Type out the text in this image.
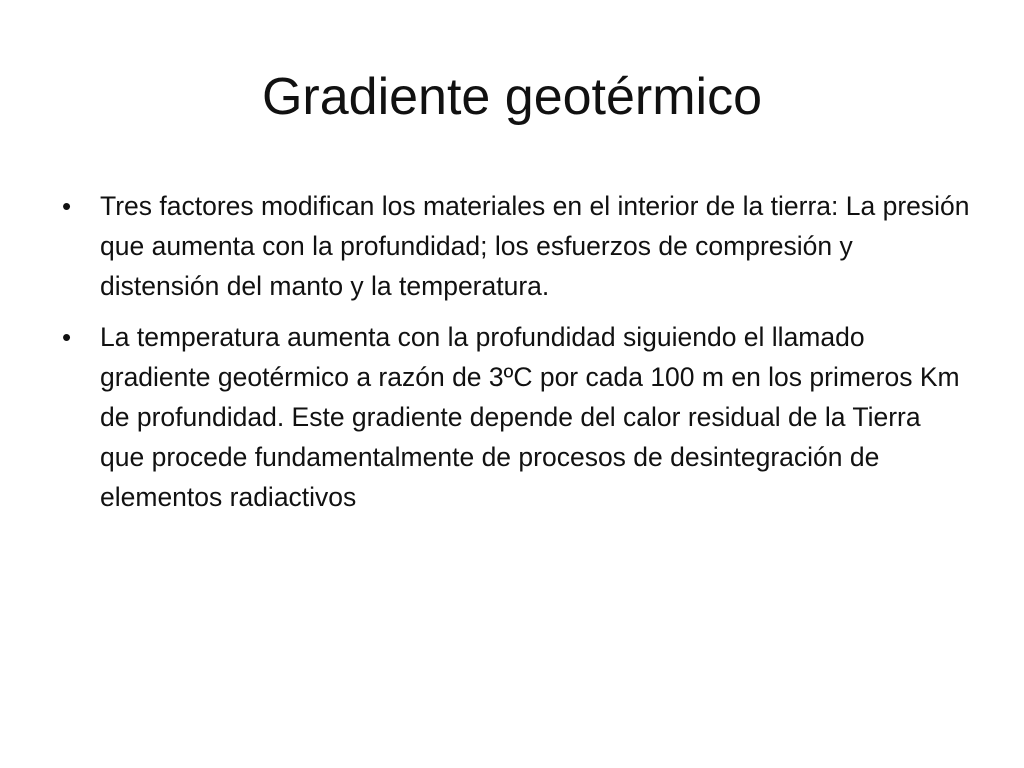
Gradiente geotérmico
•	Tres factores modifican los materiales en el interior de la tierra: La presión que aumenta con la profundidad; los esfuerzos de compresión y distensión del manto y la temperatura.
•	La temperatura aumenta con la profundidad siguiendo el llamado gradiente geotérmico a razón de 3ºC por cada 100 m en los primeros Km de profundidad. Este gradiente depende del calor residual de la Tierra que procede fundamentalmente de procesos de desintegración de elementos radiactivos
